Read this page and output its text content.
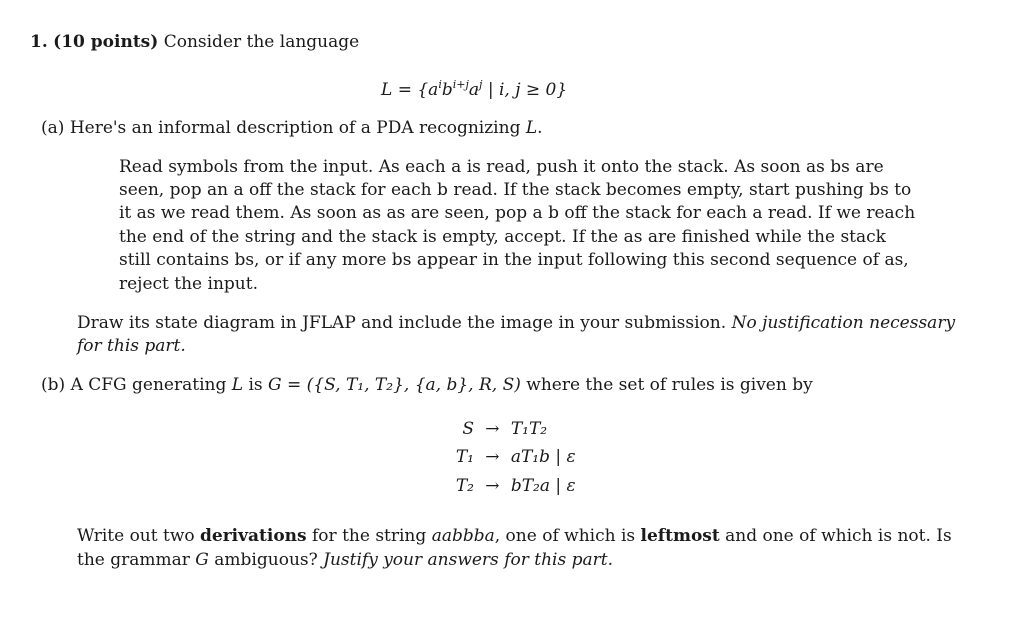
1. (10 points) Consider the language
$L = \{a^ib^{i+j}a^j$ | i, j ≥ 0}
(a) Here's an informal description of a PDA recognizing L.
Read symbols from the input. As each a is read, push it onto the stack. As soon as bs are
seen, pop an a off the stack for each b read. If the stack becomes empty, start pushing bs to
it as we read them. As soon as as are seen, pop a b off the stack for each a read. If we reach
the end of the string and the stack is empty, accept. If the as are finished while the stack
still contains bs, or if any more bs appear in the input following this second sequence of as,
reject the input.
Draw its state diagram in JFLAP and include the image in your submission. No justification necessary
for this part.
(b) A CFG generating L is G = ({S, T₁, T₂}, {a, b}, R, S) where the set of rules is given by
S → T₁T₂
T₁ → aT₁b | ε
T₂ → bT₂a | ε
Write out two derivations for the string aabbba, one of which is leftmost and one of which is not. Is
the grammar G ambiguous? Justify your answers for this part.
